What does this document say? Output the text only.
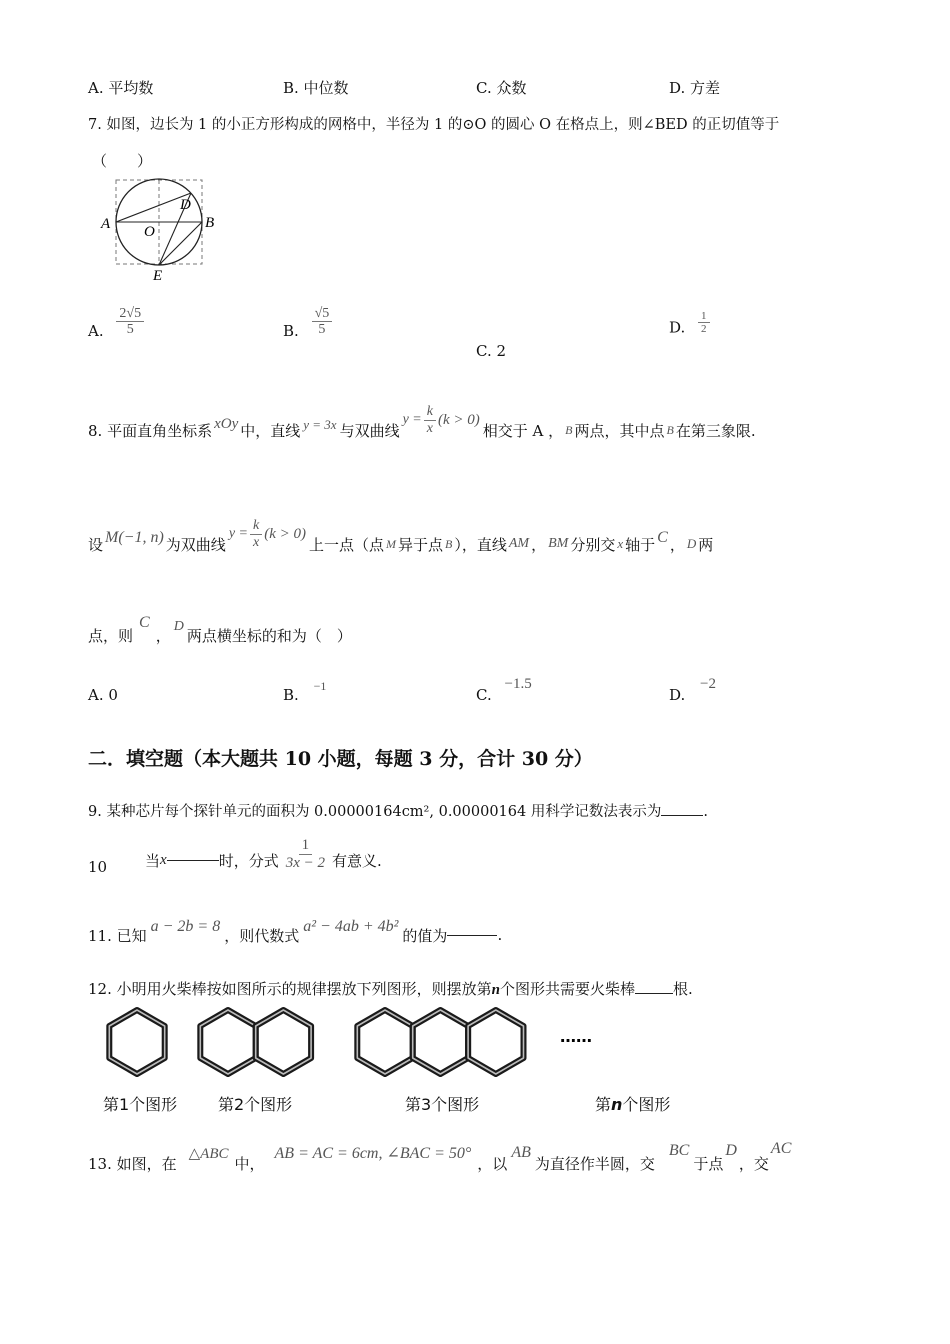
A. 平均数	B. 中位数	C. 众数	D. 方差
7. 如图，边长为 1 的小正方形构成的网格中，半径为 1 的⊙O 的圆心 O 在格点上，则∠BED 的正切值等于
（　　）
A	B
O
D
E
A. $\frac{2√5}{5}$	B. $\frac{√5}{5}$
C. 2
D. $\frac{1}{2}$
8. 平面直角坐标系 xOy 中，直线 y = 3x 与双曲线
$y = \frac{k}{x} (k > 0)$
相交于 A ， B 两点，其中点 B 在第三象限.
设 M(−1, n) 为双曲线
$y = \frac{k}{x} (k > 0)$
上一点（点 M 异于点 B ），直线 AM ， BM 分别交 x 轴于 C ， D 两
点，则
C
， D 两点横坐标的和为（　）
A. 0	B. $^{-1}$	C. −1.5
D. −2
二．填空题（本大题共 10 小题，每题 3 分，合计 30 分）
9. 某种芯片每个探针单元的面积为 0.00000164cm², 0.00000164 用科学记数法表示为	.
10	当 x	时，分式 $\frac{1}{3x - 2}$ 有意义.
11. 已知 a − 2b = 8 ，则代数式 a² − 4ab + 4b² 的值为	.
12. 小明用火柴棒按如图所示的规律摆放下列图形，则摆放第n个图形共需要火柴棒	根.
……
第1个图形	第2个图形	第3个图形	第n个图形
13. 如图，在
△ABC
中，
AB = AC = 6cm, ∠BAC = 50°
，以
AB
为直径作半圆，交
BC
于点
D
，交
AC
